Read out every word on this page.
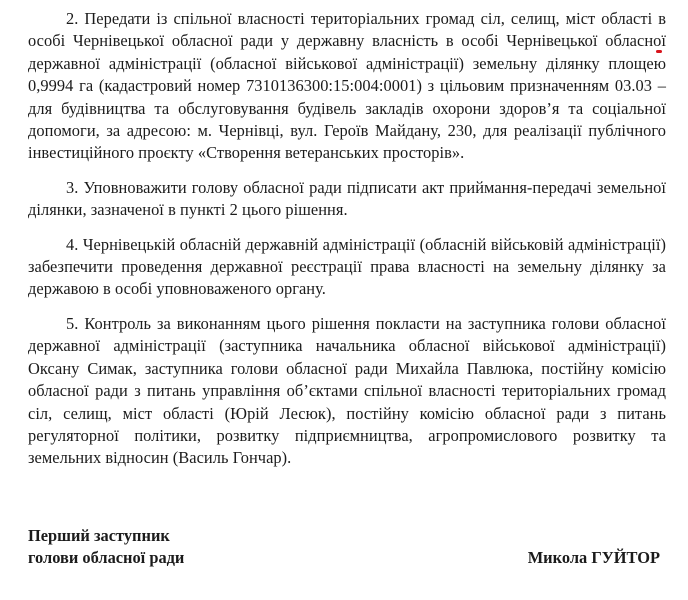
2. Передати із спільної власності територіальних громад сіл, селищ, міст області в особі Чернівецької обласної ради у державну власність в особі Чернівецької обласної державної адміністрації (обласної військової адміністрації) земельну ділянку площею 0,9994 га (кадастровий номер 7310136300:15:004:0001) з цільовим призначенням 03.03 – для будівництва та обслуговування будівель закладів охорони здоров’я та соціальної допомоги, за адресою: м. Чернівці, вул. Героїв Майдану, 230, для реалізації публічного інвестиційного проєкту «Створення ветеранських просторів».

3. Уповноважити голову обласної ради підписати акт приймання-передачі земельної ділянки, зазначеної в пункті 2 цього рішення.

4. Чернівецькій обласній державній адміністрації (обласній військовій адміністрації) забезпечити проведення державної реєстрації права власності на земельну ділянку за державою в особі уповноваженого органу.

5. Контроль за виконанням цього рішення покласти на заступника голови обласної державної адміністрації (заступника начальника обласної військової адміністрації) Оксану Симак, заступника голови обласної ради Михайла Павлюка, постійну комісію обласної ради з питань управління об’єктами спільної власності територіальних громад сіл, селищ, міст області (Юрій Лесюк), постійну комісію обласної ради з питань регуляторної політики, розвитку підприємництва, агропромислового розвитку та земельних відносин (Василь Гончар).

Перший заступник
голови обласної ради	Микола ГУЙТОР
